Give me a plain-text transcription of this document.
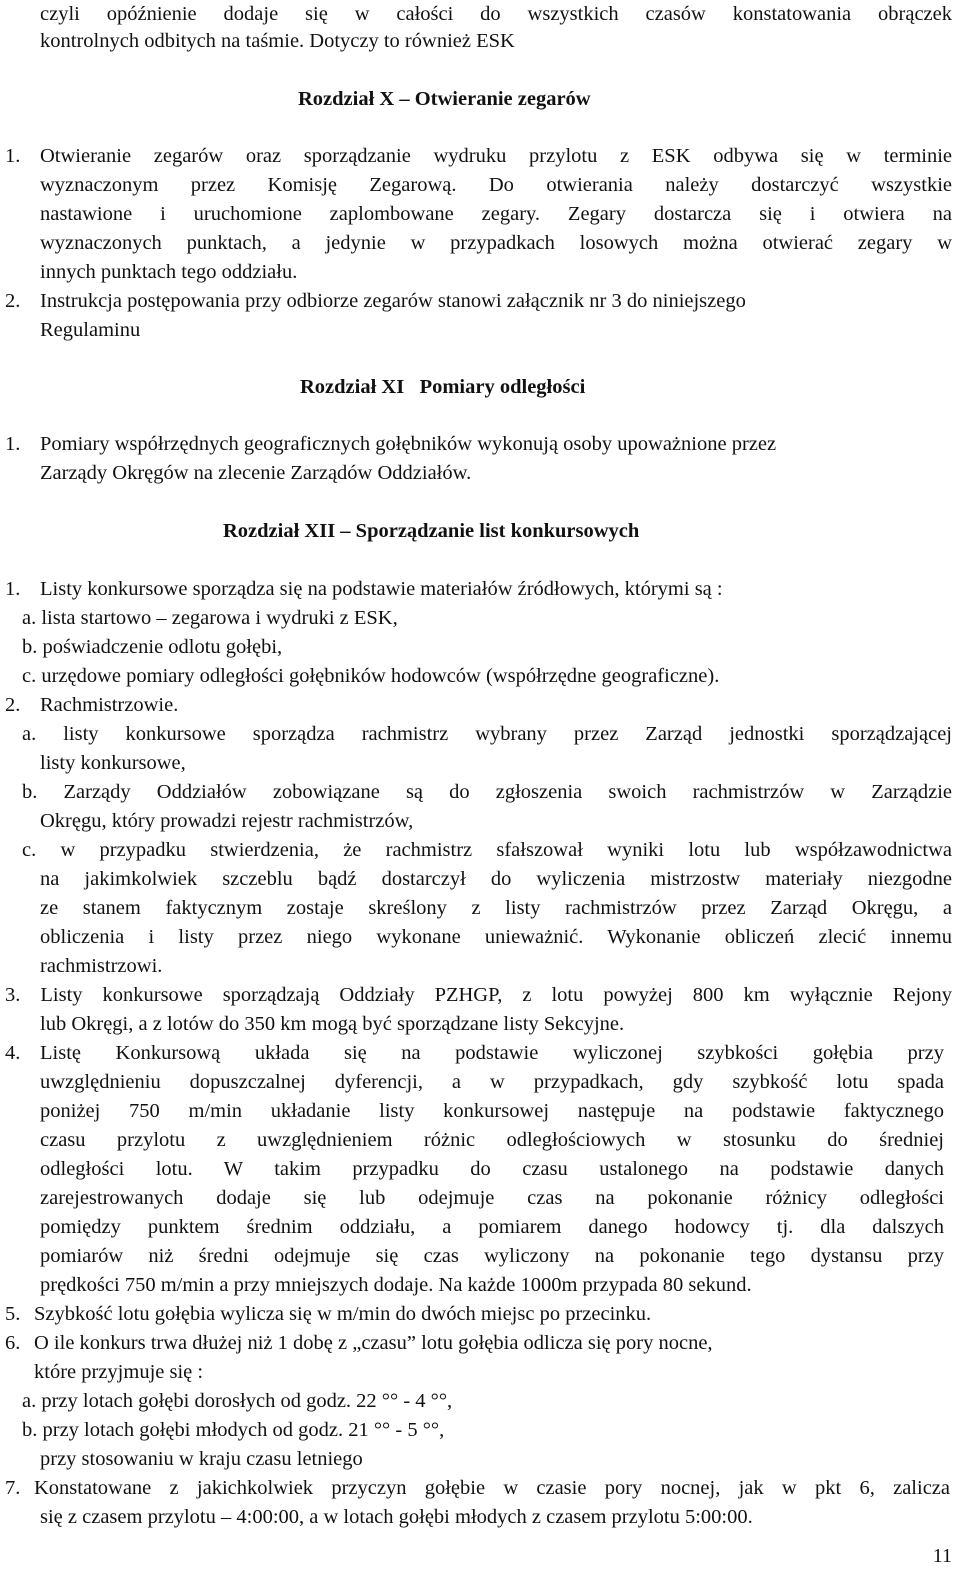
czyli opóźnienie dodaje się w całości do wszystkich czasów konstatowania obrączek
kontrolnych odbitych na taśmie. Dotyczy to również ESK
Rozdział X – Otwieranie zegarów
1. Otwieranie zegarów oraz sporządzanie wydruku przylotu z ESK odbywa się w terminie
wyznaczonym przez Komisję Zegarową. Do otwierania należy dostarczyć wszystkie
nastawione i uruchomione zaplombowane zegary. Zegary dostarcza się i otwiera na
wyznaczonych punktach, a jedynie w przypadkach losowych można otwierać zegary w
innych punktach tego oddziału.
2. Instrukcja postępowania przy odbiorze zegarów stanowi załącznik nr 3 do niniejszego
Regulaminu
Rozdział XI   Pomiary odległości
1. Pomiary współrzędnych geograficznych gołębników wykonują osoby upoważnione przez
Zarządy Okręgów na zlecenie Zarządów Oddziałów.
Rozdział XII – Sporządzanie list konkursowych
1. Listy konkursowe sporządza się na podstawie materiałów źródłowych, którymi są :
a. lista startowo – zegarowa i wydruki z ESK,
b. poświadczenie odlotu gołębi,
c. urzędowe pomiary odległości gołębników hodowców (współrzędne geograficzne).
2. Rachmistrzowie.
a. listy konkursowe sporządza rachmistrz wybrany przez Zarząd jednostki sporządzającej
listy konkursowe,
b. Zarządy Oddziałów zobowiązane są do zgłoszenia swoich rachmistrzów w Zarządzie
Okręgu, który prowadzi rejestr rachmistrzów,
c. w przypadku stwierdzenia, że rachmistrz sfałszował wyniki lotu lub współzawodnictwa
na jakimkolwiek szczeblu bądź dostarczył do wyliczenia mistrzostw materiały niezgodne
ze stanem faktycznym zostaje skreślony z listy rachmistrzów przez Zarząd Okręgu, a
obliczenia i listy przez niego wykonane unieważnić. Wykonanie obliczeń zlecić innemu
rachmistrzowi.
3. Listy konkursowe sporządzają Oddziały PZHGP, z lotu powyżej 800 km wyłącznie Rejony
lub Okręgi, a z lotów do 350 km mogą być sporządzane listy Sekcyjne.
4. Listę Konkursową układa się na podstawie wyliczonej szybkości gołębia przy
uwzględnieniu dopuszczalnej dyferencji, a w przypadkach, gdy szybkość lotu spada
poniżej 750 m/min układanie listy konkursowej następuje na podstawie faktycznego
czasu przylotu z uwzględnieniem różnic odległościowych w stosunku do średniej
odległości lotu. W takim przypadku do czasu ustalonego na podstawie danych
zarejestrowanych dodaje się lub odejmuje czas na pokonanie różnicy odległości
pomiędzy punktem średnim oddziału, a pomiarem danego hodowcy tj. dla dalszych
pomiarów niż średni odejmuje się czas wyliczony na pokonanie tego dystansu przy
prędkości 750 m/min a przy mniejszych dodaje. Na każde 1000m przypada 80 sekund.
5. Szybkość lotu gołębia wylicza się w m/min do dwóch miejsc po przecinku.
6. O ile konkurs trwa dłużej niż 1 dobę z „czasu” lotu gołębia odlicza się pory nocne,
które przyjmuje się :
a. przy lotach gołębi dorosłych od godz. 22 °° - 4 °°,
b. przy lotach gołębi młodych od godz. 21 °° - 5 °°,
przy stosowaniu w kraju czasu letniego
7. Konstatowane z jakichkolwiek przyczyn gołębie w czasie pory nocnej, jak w pkt 6, zalicza
się z czasem przylotu – 4:00:00, a w lotach gołębi młodych z czasem przylotu 5:00:00.
11
